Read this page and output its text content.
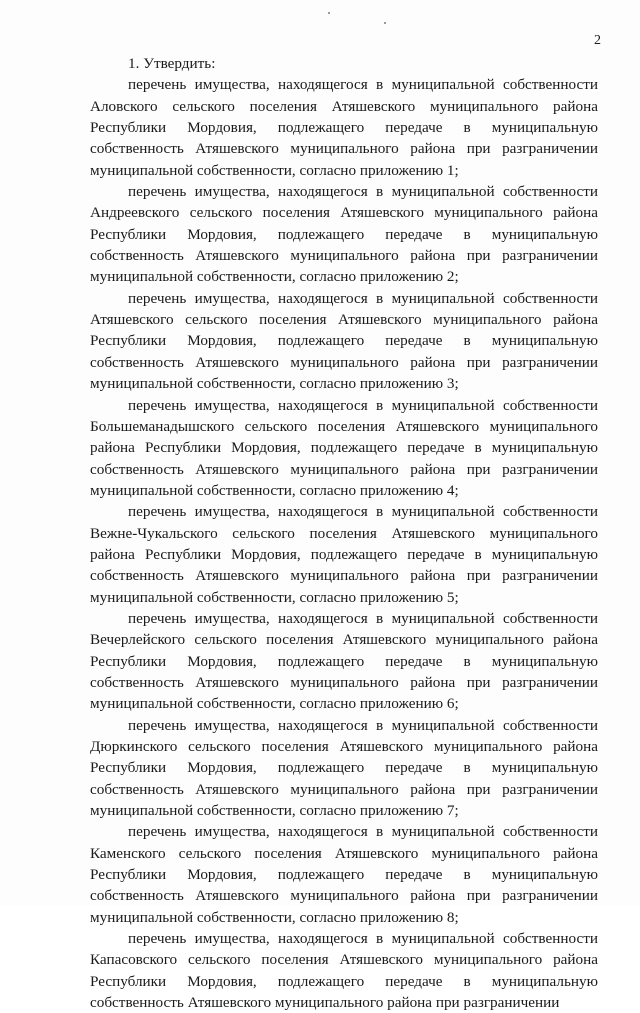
2

1. Утвердить:

перечень имущества, находящегося в муниципальной собственности Аловского сельского поселения Атяшевского муниципального района Республики Мордовия, подлежащего передаче в муниципальную собственность Атяшевского муниципального района при разграничении муниципальной собственности, согласно приложению 1;

перечень имущества, находящегося в муниципальной собственности Андреевского сельского поселения Атяшевского муниципального района Республики Мордовия, подлежащего передаче в муниципальную собственность Атяшевского муниципального района при разграничении муниципальной собственности, согласно приложению 2;

перечень имущества, находящегося в муниципальной собственности Атяшевского сельского поселения Атяшевского муниципального района Республики Мордовия, подлежащего передаче в муниципальную собственность Атяшевского муниципального района при разграничении муниципальной собственности, согласно приложению 3;

перечень имущества, находящегося в муниципальной собственности Большеманадышского сельского поселения Атяшевского муниципального района Республики Мордовия, подлежащего передаче в муниципальную собственность Атяшевского муниципального района при разграничении муниципальной собственности, согласно приложению 4;

перечень имущества, находящегося в муниципальной собственности Вежне-Чукальского сельского поселения Атяшевского муниципального района Республики Мордовия, подлежащего передаче в муниципальную собственность Атяшевского муниципального района при разграничении муниципальной собственности, согласно приложению 5;

перечень имущества, находящегося в муниципальной собственности Вечерлейского сельского поселения Атяшевского муниципального района Республики Мордовия, подлежащего передаче в муниципальную собственность Атяшевского муниципального района при разграничении муниципальной собственности, согласно приложению 6;

перечень имущества, находящегося в муниципальной собственности Дюркинского сельского поселения Атяшевского муниципального района Республики Мордовия, подлежащего передаче в муниципальную собственность Атяшевского муниципального района при разграничении муниципальной собственности, согласно приложению 7;

перечень имущества, находящегося в муниципальной собственности Каменского сельского поселения Атяшевского муниципального района Республики Мордовия, подлежащего передаче в муниципальную собственность Атяшевского муниципального района при разграничении муниципальной собственности, согласно приложению 8;

перечень имущества, находящегося в муниципальной собственности Капасовского сельского поселения Атяшевского муниципального района Республики Мордовия, подлежащего передаче в муниципальную собственность Атяшевского муниципального района при разграничении
